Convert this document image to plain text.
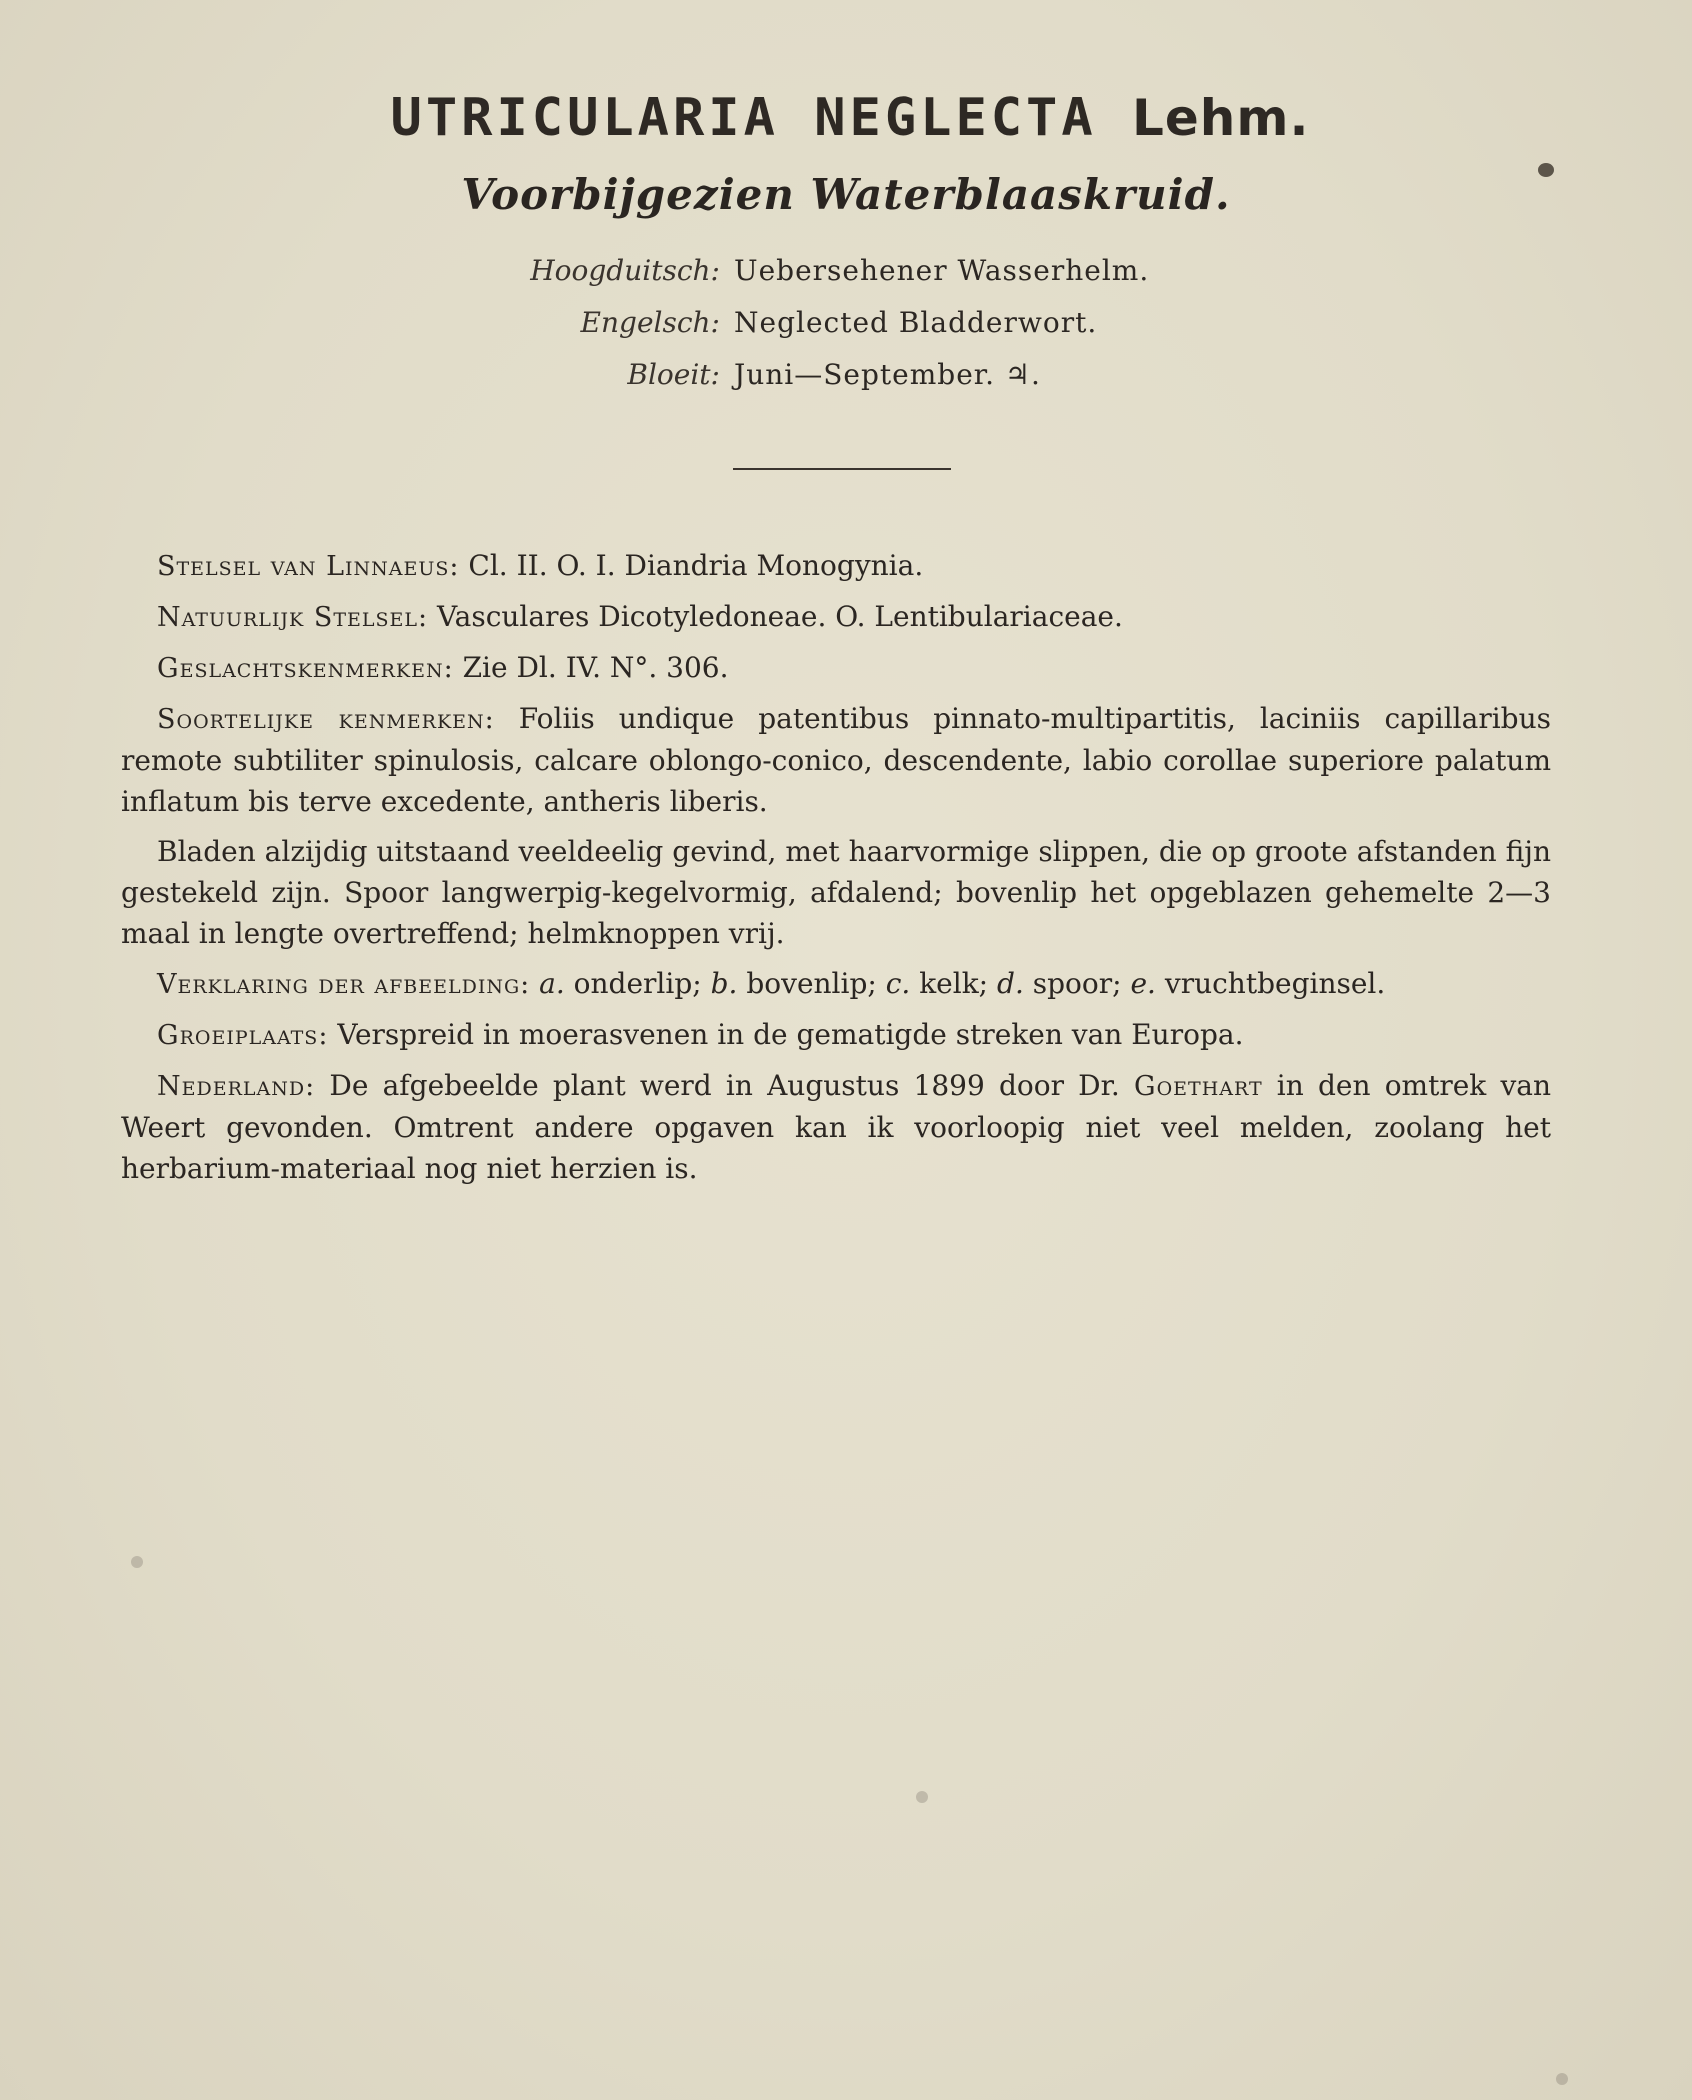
UTRICULARIA NEGLECTA Lehm.
Voorbijgezien Waterblaaskruid.
Hoogduitsch: Uebersehener Wasserhelm.
Engelsch: Neglected Bladderwort.
Bloeit: Juni—September. ♃.

Stelsel van Linnaeus: Cl. II. O. I. Diandria Monogynia.

Natuurlijk Stelsel: Vasculares Dicotyledoneae. O. Lentibulariaceae.

Geslachtskenmerken: Zie Dl. IV. N°. 306.

Soortelijke kenmerken: Foliis undique patentibus pinnato-multipartitis, laciniis capillaribus remote subtiliter spinulosis, calcare oblongo-conico, descendente, labio corollae superiore palatum inflatum bis terve excedente, antheris liberis.

Bladen alzijdig uitstaand veeldeelig gevind, met haarvormige slippen, die op groote afstanden fijn gestekeld zijn. Spoor langwerpig-kegelvormig, afdalend; bovenlip het opgeblazen gehemelte 2—3 maal in lengte overtreffend; helmknoppen vrij.

Verklaring der afbeelding: a. onderlip; b. bovenlip; c. kelk; d. spoor; e. vruchtbeginsel.

Groeiplaats: Verspreid in moerasvenen in de gematigde streken van Europa.

Nederland: De afgebeelde plant werd in Augustus 1899 door Dr. Goethart in den omtrek van Weert gevonden. Omtrent andere opgaven kan ik voorloopig niet veel melden, zoolang het herbarium-materiaal nog niet herzien is.
